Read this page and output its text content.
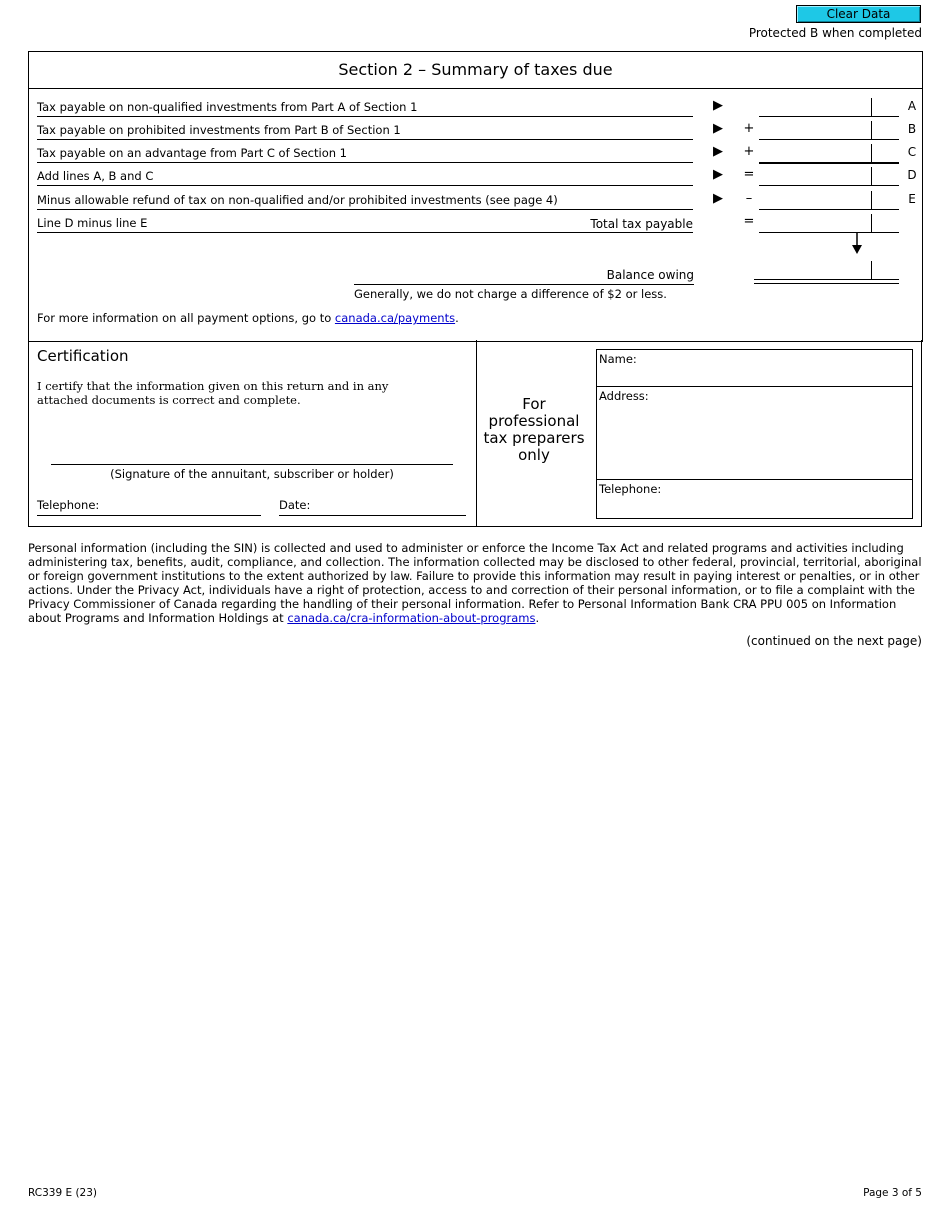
Clear Data
Protected B when completed
Section 2 – Summary of taxes due
Tax payable on non-qualified investments from Part A of Section 1	▶	A
Tax payable on prohibited investments from Part B of Section 1	▶ +	B
Tax payable on an advantage from Part C of Section 1	▶ +	C
Add lines A, B and C	▶ =	D
Minus allowable refund of tax on non-qualified and/or prohibited investments (see page 4)	▶ –	E
Line D minus line E	Total tax payable	=
Balance owing
Generally, we do not charge a difference of $2 or less.
For more information on all payment options, go to canada.ca/payments.
Certification
I certify that the information given on this return and in any attached documents is correct and complete.
(Signature of the annuitant, subscriber or holder)
Telephone:	Date:
For professional tax preparers only
Name:
Address:
Telephone:
Personal information (including the SIN) is collected and used to administer or enforce the Income Tax Act and related programs and activities including administering tax, benefits, audit, compliance, and collection. The information collected may be disclosed to other federal, provincial, territorial, aboriginal or foreign government institutions to the extent authorized by law. Failure to provide this information may result in paying interest or penalties, or in other actions. Under the Privacy Act, individuals have a right of protection, access to and correction of their personal information, or to file a complaint with the Privacy Commissioner of Canada regarding the handling of their personal information. Refer to Personal Information Bank CRA PPU 005 on Information about Programs and Information Holdings at canada.ca/cra-information-about-programs.
(continued on the next page)
RC339 E (23)	Page 3 of 5
